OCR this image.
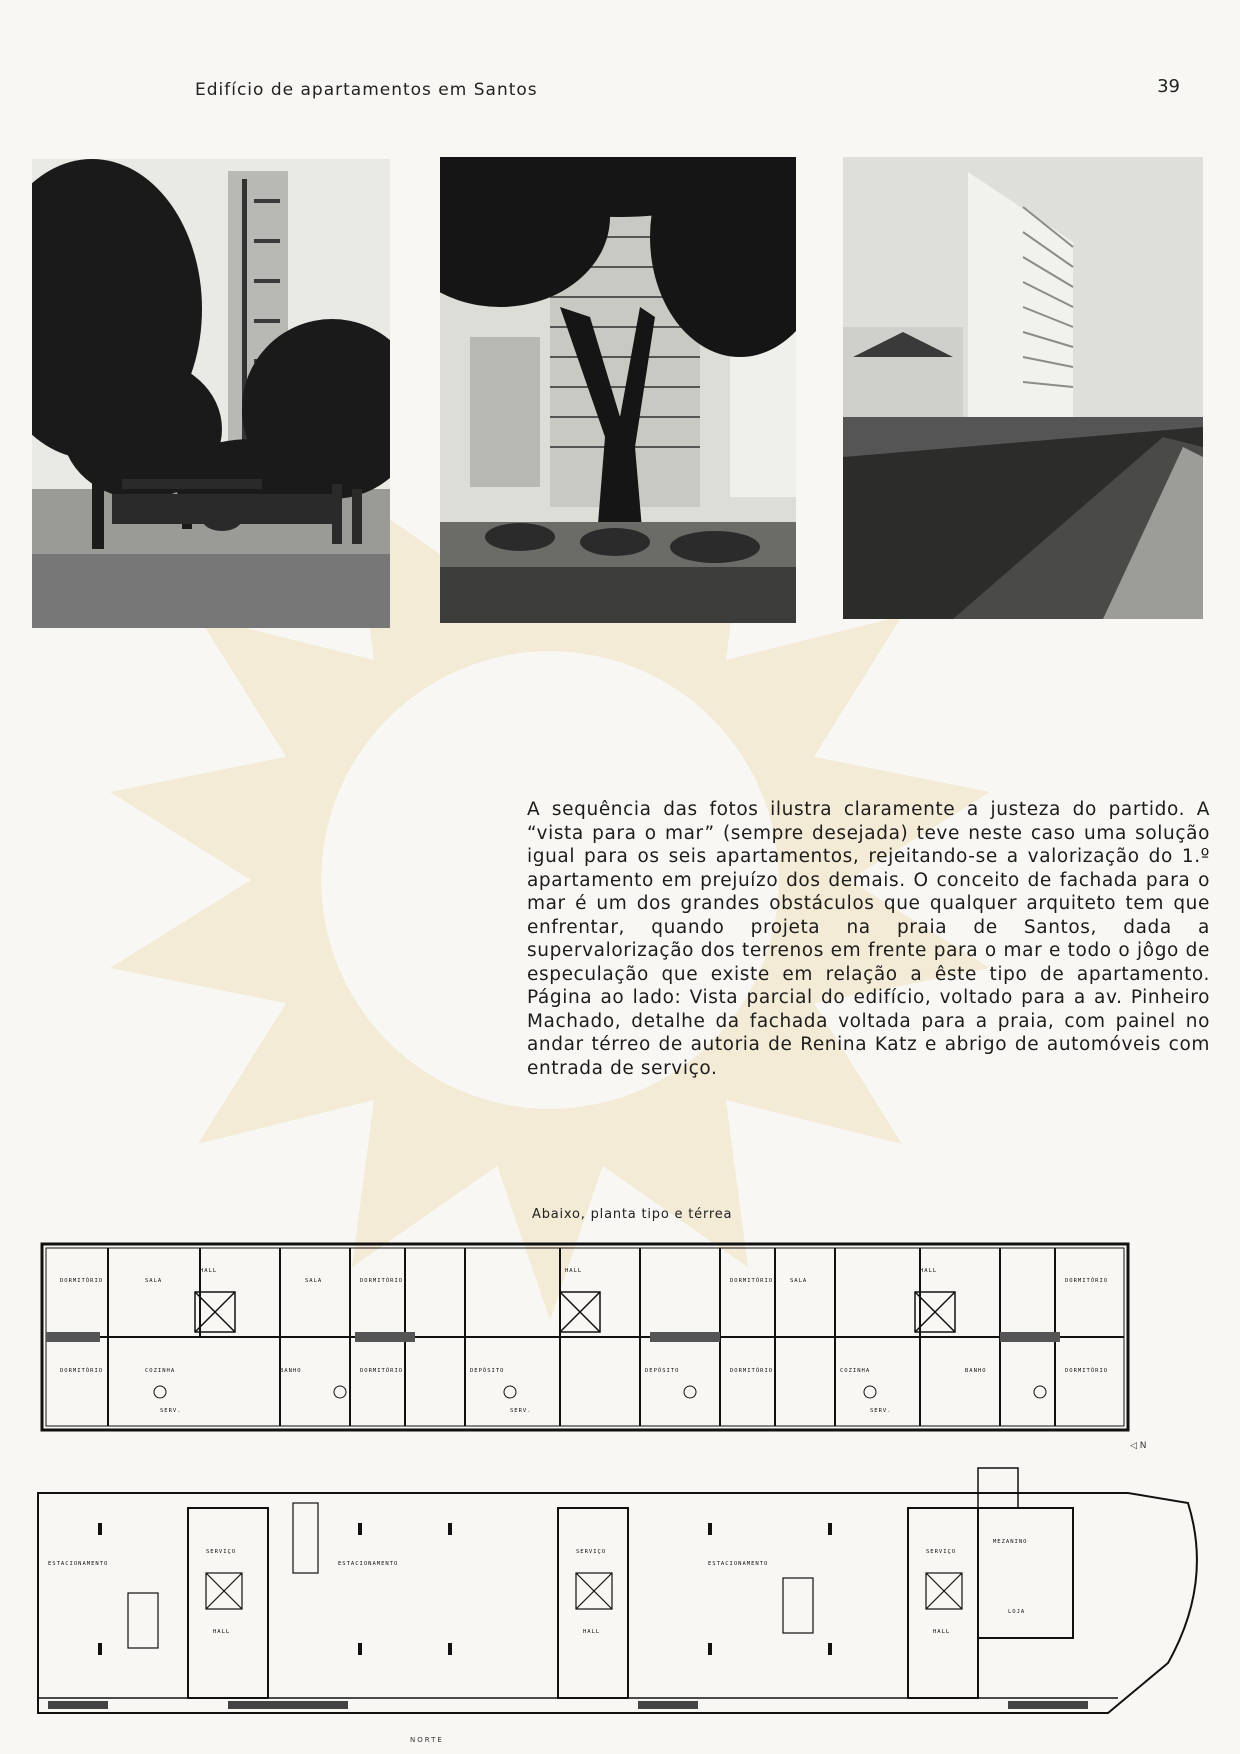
Edifício de apartamentos em Santos	39

A sequência das fotos ilustra claramente a justeza do partido. A “vista para o mar” (sempre desejada) teve neste caso uma solução igual para os seis apartamentos, rejeitando-se a valorização do 1.º apartamento em prejuízo dos demais. O conceito de fachada para o mar é um dos grandes obstáculos que qualquer arquiteto tem que enfrentar, quando projeta na praia de Santos, dada a supervalorização dos terrenos em frente para o mar e todo o jôgo de especulação que existe em relação a êste tipo de apartamento. Página ao lado: Vista parcial do edifício, voltado para a av. Pinheiro Machado, detalhe da fachada voltada para a praia, com painel no andar térreo de autoria de Renina Katz e abrigo de automóveis com entrada de serviço.

Abaixo, planta tipo e térrea
DORMITÓRIO	SALA	SALA	DORMITÓRIO
HALL	HALL	HALL
DORMITÓRIO	SALA	DORMITÓRIO
DORMITÓRIO	COZINHA	BANHO	DORMITÓRIO	DEPÓSITO	DEPÓSITO	DORMITÓRIO	COZINHA	BANHO	DORMITÓRIO
SERV.	SERV.	SERV.
◁ N
ESTACIONAMENTO	ESTACIONAMENTO	ESTACIONAMENTO
SERVIÇO	SERVIÇO	SERVIÇO
HALL	HALL	HALL
MEZANINO
LOJA
NORTE
